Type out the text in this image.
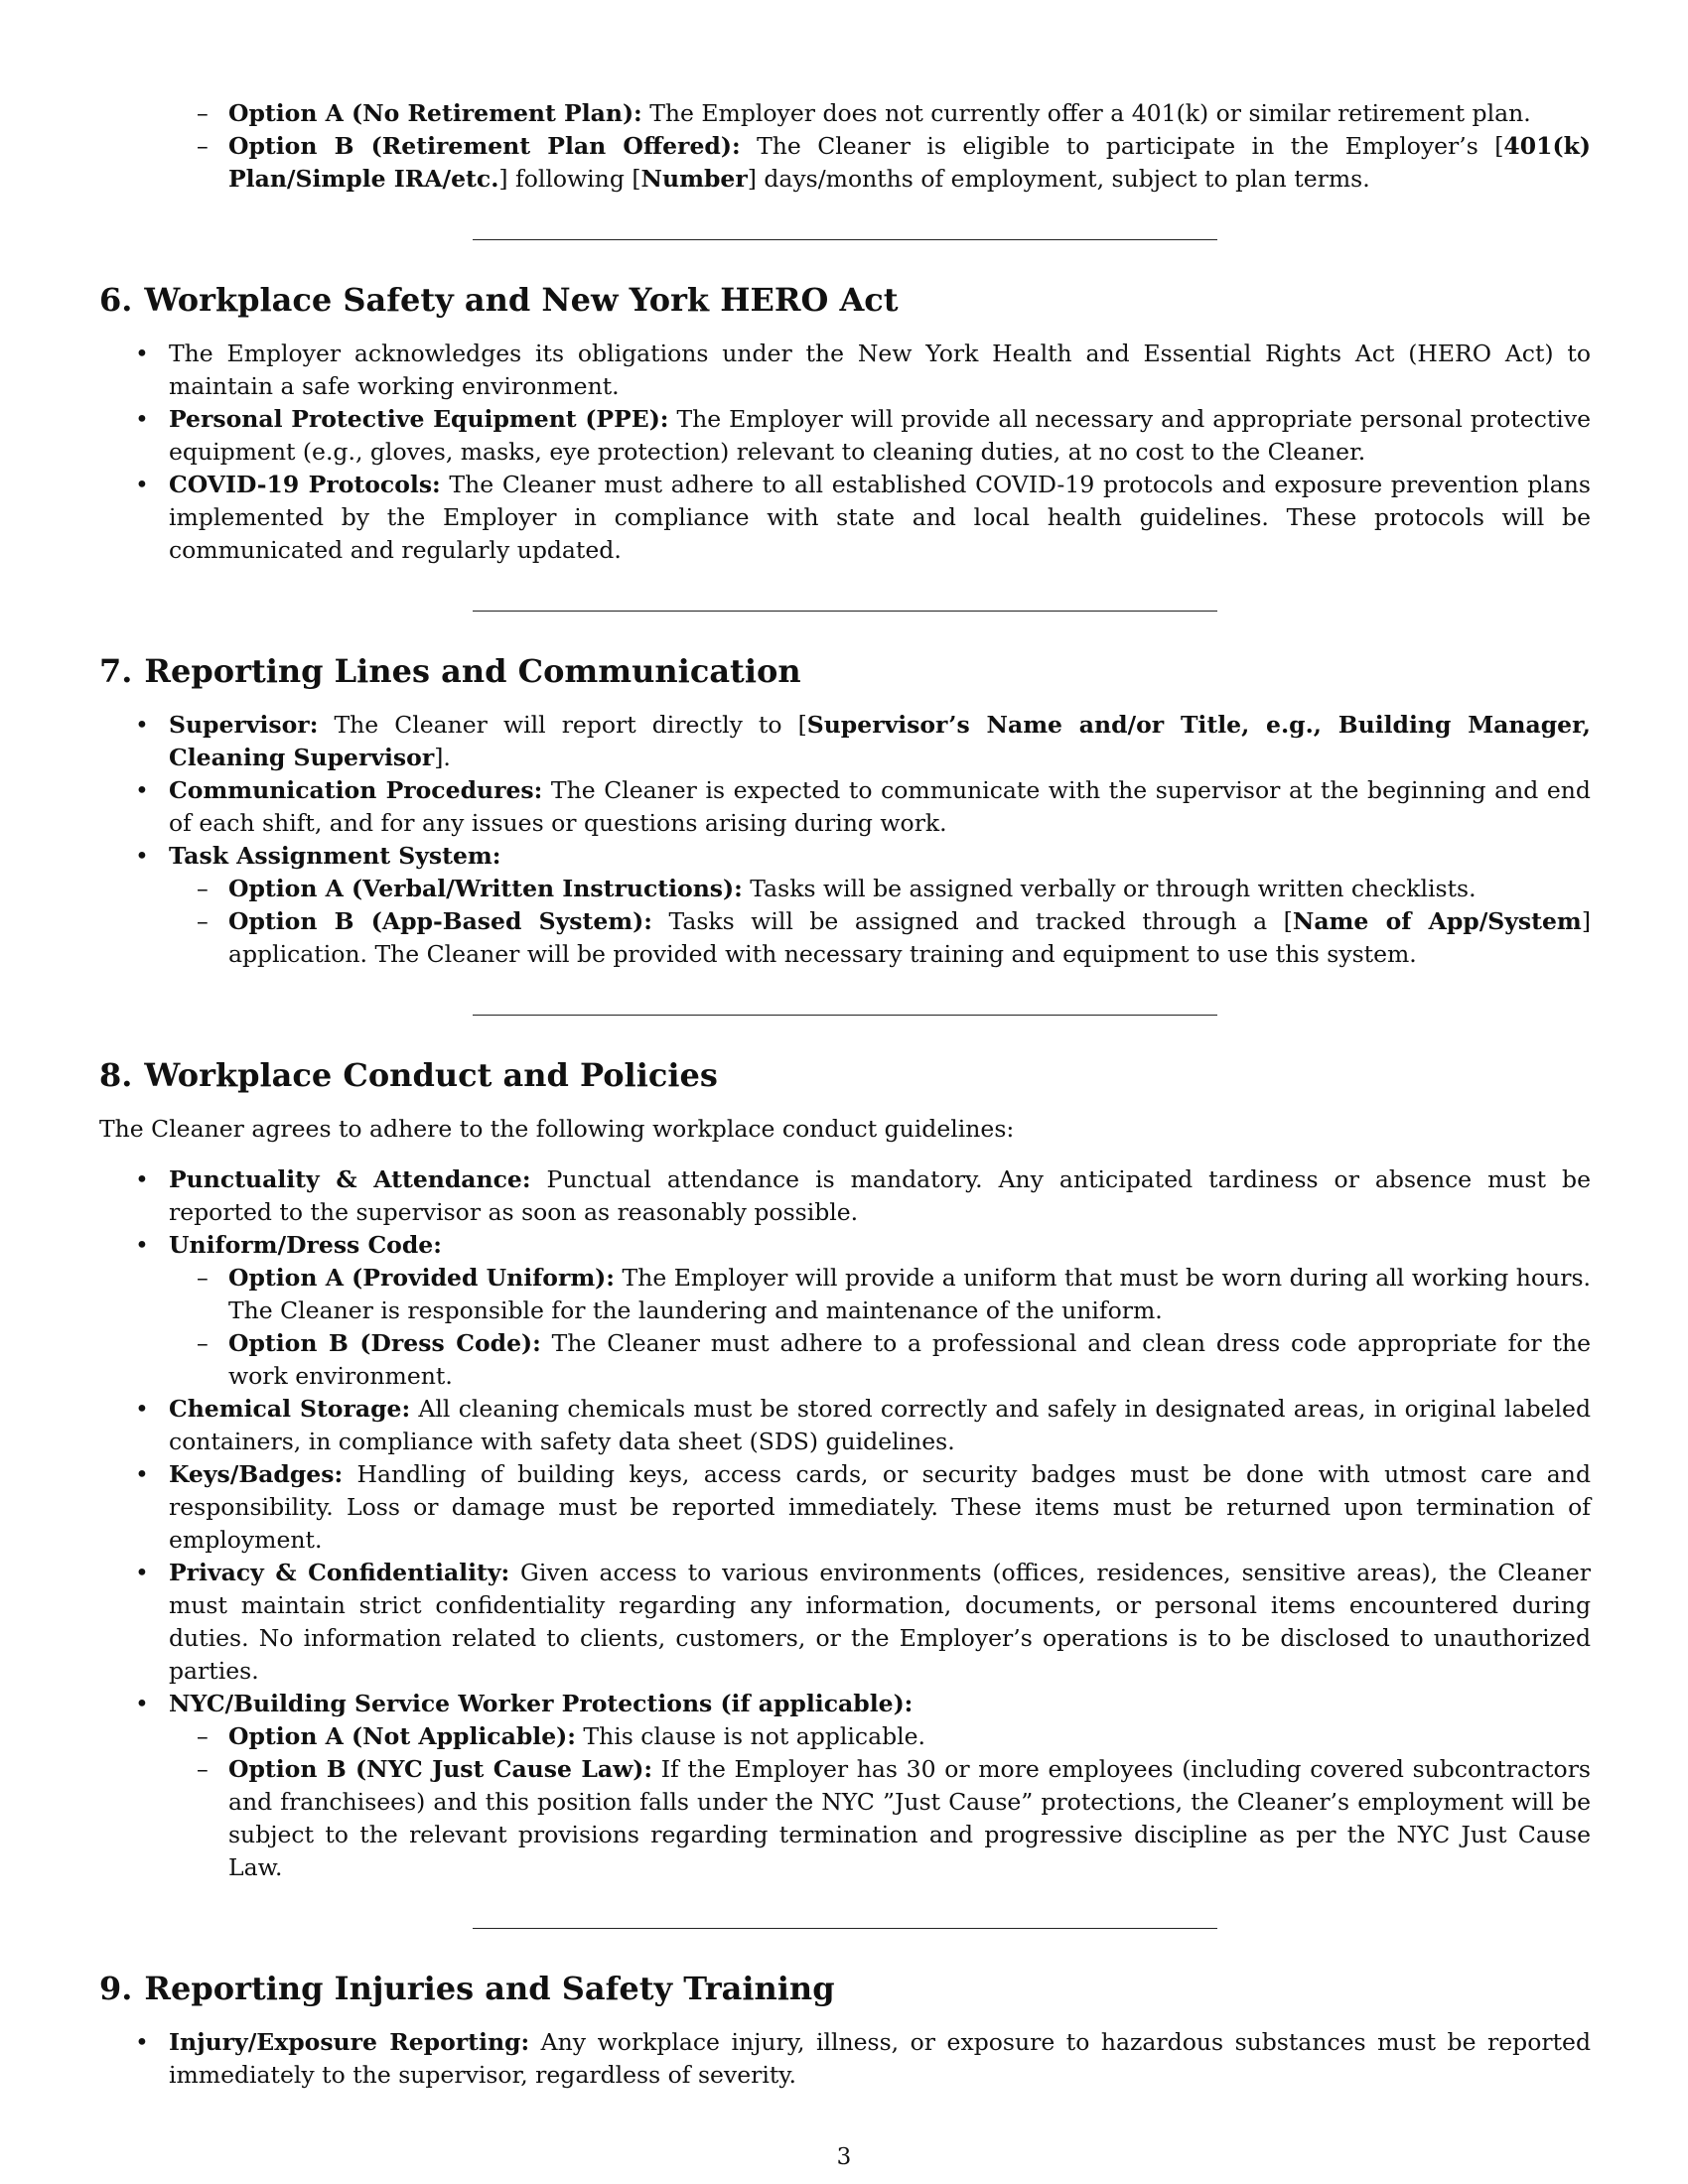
– Option A (No Retirement Plan): The Employer does not currently offer a 401(k) or similar retirement plan.
– Option B (Retirement Plan Offered): The Cleaner is eligible to participate in the Employer’s [401(k) Plan/Simple IRA/etc.] following [Number] days/months of employment, subject to plan terms.
6. Workplace Safety and New York HERO Act
• The Employer acknowledges its obligations under the New York Health and Essential Rights Act (HERO Act) to maintain a safe working environment.
• Personal Protective Equipment (PPE): The Employer will provide all necessary and appropriate personal protective equipment (e.g., gloves, masks, eye protection) relevant to cleaning duties, at no cost to the Cleaner.
• COVID-19 Protocols: The Cleaner must adhere to all established COVID-19 protocols and exposure prevention plans implemented by the Employer in compliance with state and local health guidelines. These protocols will be communicated and regularly updated.
7. Reporting Lines and Communication
• Supervisor: The Cleaner will report directly to [Supervisor’s Name and/or Title, e.g., Building Manager, Cleaning Supervisor].
• Communication Procedures: The Cleaner is expected to communicate with the supervisor at the beginning and end of each shift, and for any issues or questions arising during work.
• Task Assignment System:
– Option A (Verbal/Written Instructions): Tasks will be assigned verbally or through written checklists.
– Option B (App-Based System): Tasks will be assigned and tracked through a [Name of App/System] application. The Cleaner will be provided with necessary training and equipment to use this system.
8. Workplace Conduct and Policies

The Cleaner agrees to adhere to the following workplace conduct guidelines:

• Punctuality & Attendance: Punctual attendance is mandatory. Any anticipated tardiness or absence must be reported to the supervisor as soon as reasonably possible.
• Uniform/Dress Code:
– Option A (Provided Uniform): The Employer will provide a uniform that must be worn during all working hours. The Cleaner is responsible for the laundering and maintenance of the uniform.
– Option B (Dress Code): The Cleaner must adhere to a professional and clean dress code appropriate for the work environment.
• Chemical Storage: All cleaning chemicals must be stored correctly and safely in designated areas, in original labeled containers, in compliance with safety data sheet (SDS) guidelines.
• Keys/Badges: Handling of building keys, access cards, or security badges must be done with utmost care and responsibility. Loss or damage must be reported immediately. These items must be returned upon termination of employment.
• Privacy & Confidentiality: Given access to various environments (offices, residences, sensitive areas), the Cleaner must maintain strict confidentiality regarding any information, documents, or personal items encountered during duties. No information related to clients, customers, or the Employer’s operations is to be disclosed to unauthorized parties.
• NYC/Building Service Worker Protections (if applicable):
– Option A (Not Applicable): This clause is not applicable.
– Option B (NYC Just Cause Law): If the Employer has 30 or more employees (including covered subcontractors and franchisees) and this position falls under the NYC ”Just Cause” protections, the Cleaner’s employment will be subject to the relevant provisions regarding termination and progressive discipline as per the NYC Just Cause Law.
9. Reporting Injuries and Safety Training
• Injury/Exposure Reporting: Any workplace injury, illness, or exposure to hazardous substances must be reported immediately to the supervisor, regardless of severity.
3
